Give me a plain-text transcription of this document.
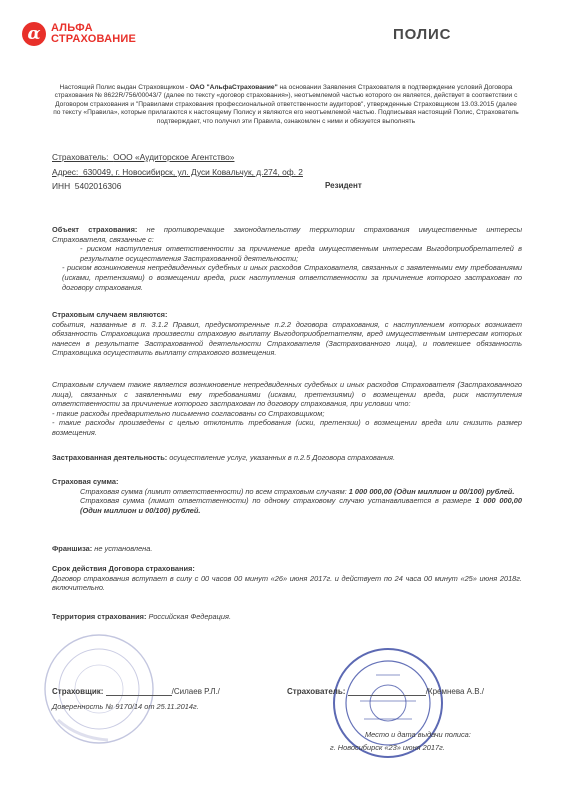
α АЛЬФА
СТРАХОВАНИЕ	ПОЛИС
Настоящий Полис выдан Страховщиком - ОАО "АльфаСтрахование" на основании Заявления Страхователя в подтверждение условий Договора страхования № 8622R/756/00043/7 (далее по тексту «договор страхования»), неотъемлемой частью которого он является, действует в соответствии с Договором страхования и "Правилами страхования профессиональной ответственности аудиторов", утвержденные Страховщиком 13.03.2015 (далее по тексту «Правила», которые прилагаются к настоящему Полису и являются его неотъемлемой частью. Подписывая настоящий Полис, Страхователь подтверждает, что получил эти Правила, ознакомлен с ними и обязуется выполнять
Страхователь: ООО «Аудиторское Агентство»
Адрес: 630049, г. Новосибирск, ул. Дуси Ковальчук, д.274, оф. 2
ИНН 5402016306	Резидент

Объект страхования: не противоречащие законодательству территории страхования имущественные интересы Страхователя, связанные с:

- риском наступления ответственности за причинение вреда имущественным интересам Выгодоприобретателей в результате осуществления Застрахованной деятельности;

- риском возникновения непредвиденных судебных и иных расходов Страхователя, связанных с заявленными ему требованиями (исками, претензиями) о возмещении вреда, риск наступления ответственности за причинение которого застрахован по договору страхования.

Страховым случаем являются:

события, названные в п. 3.1.2 Правил, предусмотренные п.2.2 договора страхования, с наступлением которых возникает обязанность Страховщика произвести страховую выплату Выгодоприобретателям, вред имущественным интересам которых нанесен в результате Застрахованной деятельности Страхователя (Застрахованного лица), и повлекшее обязанность Страховщика осуществить выплату страхового возмещения.

Страховым случаем также является возникновение непредвиденных судебных и иных расходов Страхователя (Застрахованного лица), связанных с заявленными ему требованиями (исками, претензиями) о возмещении вреда, риск наступления ответственности за причинение которого застрахован по договору страхования, при условии что:

- такие расходы предварительно письменно согласованы со Страховщиком;

- такие расходы произведены с целью отклонить требования (иски, претензии) о возмещении вреда или снизить размер возмещения.

Застрахованная деятельность: осуществление услуг, указанных в п.2.5 Договора страхования.

Страховая сумма:

Страховая сумма (лимит ответственности) по всем страховым случаям: 1 000 000,00 (Один миллион и 00/100) рублей.

Страховая сумма (лимит ответственности) по одному страховому случаю устанавливается в размере 1 000 000,00 (Один миллион и 00/100) рублей.

Франшиза: не установлена.

Срок действия Договора страхования:

Договор страхования вступает в силу с 00 часов 00 минут «26» июня 2017г. и действует по 24 часа 00 минут «25» июня 2018г. включительно.

Территория страхования: Российская Федерация.

Страховщик:	/Силаев Р.Л./
Доверенность № 9170/14 от 25.11.2014г.
Страхователь:	/Кремнева А.В./
Место и дата выдачи полиса:
г. Новосибирск «23» июня 2017г.
